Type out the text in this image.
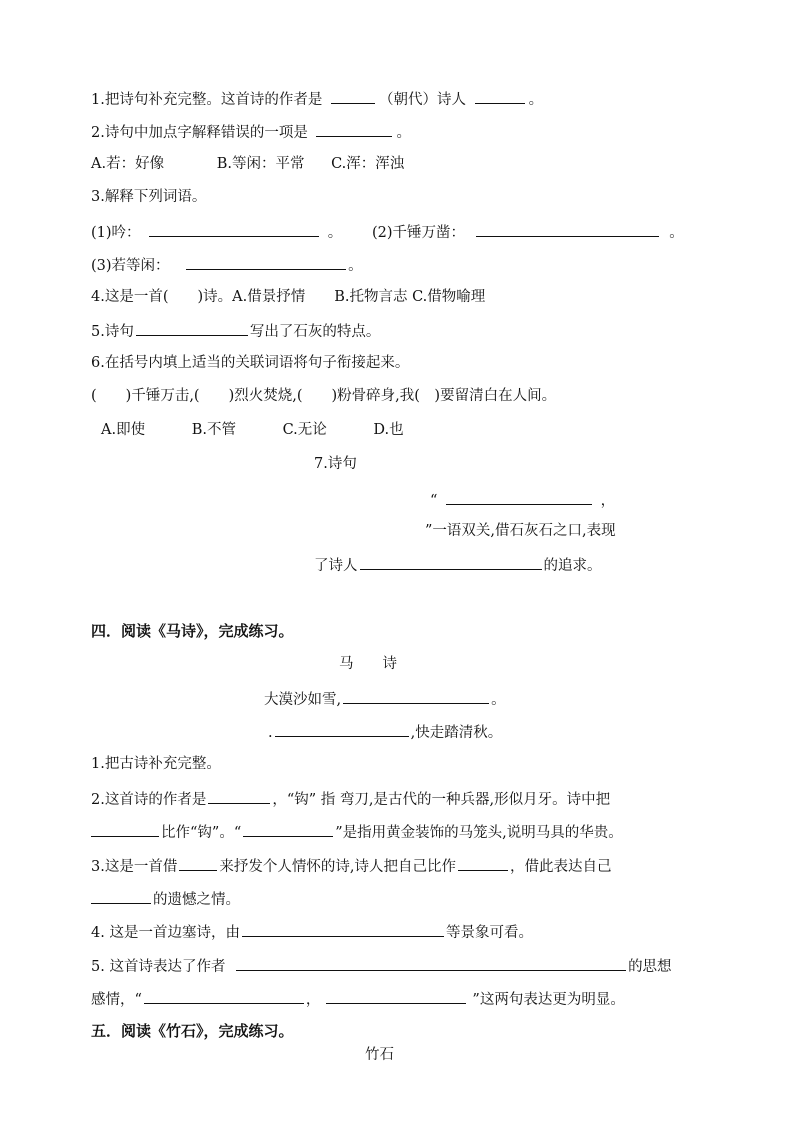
1.把诗句补充完整。这首诗的作者是	（朝代）诗人	。
2.诗句中加点字解释错误的一项是	。
A.若：好像	B.等闲：平常 C.浑：浑浊
3.解释下列词语。
(1)吟：	。 (2)千锤万凿：	。
(3)若等闲：	。
4.这是一首(　　)诗。A.借景抒情　　B.托物言志 C.借物喻理
5.诗句	写出了石灰的特点。
6.在括号内填上适当的关联词语将句子衔接起来。
(　　)千锤万击,(　　)烈火焚烧,(　　)粉骨碎身,我(　)要留清白在人间。
A.即使	B.不管	C.无论	D.也
7.诗句
“	，
”一语双关,借石灰石之口,表现
了诗人	的追求。
四．阅读《马诗》，完成练习。
马　　诗
大漠沙如雪,	。
.	,快走踏清秋。
1.把古诗补充完整。
2.这首诗的作者是	，“钩” 指 弯刀,是古代的一种兵器,形似月牙。诗中把
比作“钩”。“	”是指用黄金装饰的马笼头,说明马具的华贵。
3.这是一首借	来抒发个人情怀的诗,诗人把自己比作	，借此表达自己
的遗憾之情。
4. 这是一首边塞诗，由	等景象可看。
5. 这首诗表达了作者	的思想
感情，“	，	”这两句表达更为明显。
五．阅读《竹石》，完成练习。
竹石
